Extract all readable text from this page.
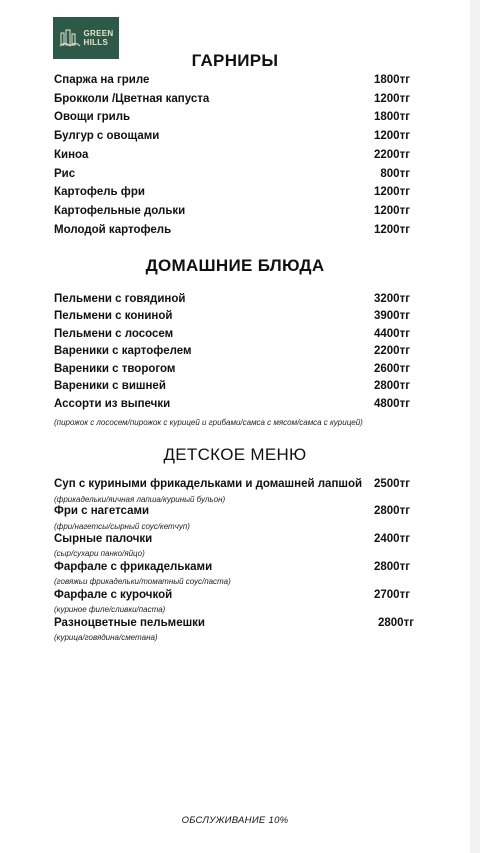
GREEN
HILLS
ГАРНИРЫ
Спаржа на гриле	1800тг
Брокколи /Цветная капуста	1200тг
Овощи гриль	1800тг
Булгур с овощами	1200тг
Киноа	2200тг
Рис	800тг
Картофель фри	1200тг
Картофельные дольки	1200тг
Молодой картофель	1200тг
ДОМАШНИЕ БЛЮДА
Пельмени с говядиной	3200тг
Пельмени с кониной	3900тг
Пельмени с лососем	4400тг
Вареники с картофелем	2200тг
Вареники с творогом	2600тг
Вареники с вишней	2800тг
Ассорти из выпечки	4800тг
(пирожок с лососем/пирожок с курицей и грибами/самса с мясом/самса с курицей)
ДЕТСКОЕ МЕНЮ
Суп с куриными фрикадельками и домашней лапшой 2500тг
(фрикадельки/яичная лапша/куриный бульон)
Фри с нагетсами	2800тг
(фри/нагетсы/сырный соус/кетчуп)
Сырные палочки	2400тг
(сыр/сухари панко/яйцо)
Фарфале с фрикадельками	2800тг
(говяжьи фрикадельки/томатный соус/паста)
Фарфале с курочкой	2700тг
(куриное филе/сливки/паста)
Разноцветные пельмешки	2800тг
(курица/говядина/сметана)
ОБСЛУЖИВАНИЕ 10%
